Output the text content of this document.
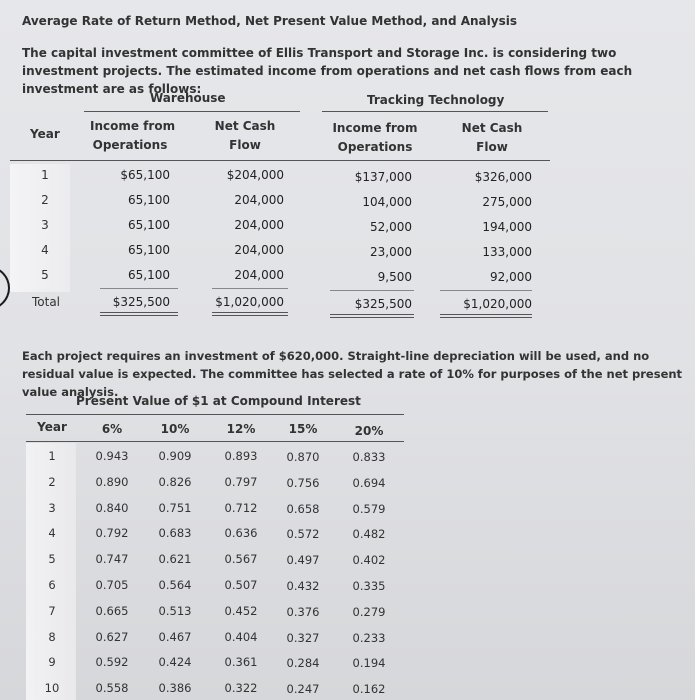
Average Rate of Return Method, Net Present Value Method, and Analysis
The capital investment committee of Ellis Transport and Storage Inc. is considering two investment projects. The estimated income from operations and net cash flows from each investment are as follows:
Warehouse	Tracking Technology
Year
Income from
Operations
Net Cash
Flow
Income from
Operations
Net Cash
Flow
1	$65,100	$204,000	$137,000	$326,000
2	65,100	204,000	104,000	275,000
3	65,100	204,000	52,000	194,000
4	65,100	204,000	23,000	133,000
5	65,100	204,000	9,500	92,000
Total	$325,500	$1,020,000	$325,500	$1,020,000
Each project requires an investment of $620,000. Straight-line depreciation will be used, and no residual value is expected. The committee has selected a rate of 10% for purposes of the net present value analysis.
Present Value of $1 at Compound Interest
Year	6%	10%	12%	15%	20%
1	0.943	0.909	0.893	0.870	0.833
2	0.890	0.826	0.797	0.756	0.694
3	0.840	0.751	0.712	0.658	0.579
4	0.792	0.683	0.636	0.572	0.482
5	0.747	0.621	0.567	0.497	0.402
6	0.705	0.564	0.507	0.432	0.335
7	0.665	0.513	0.452	0.376	0.279
8	0.627	0.467	0.404	0.327	0.233
9	0.592	0.424	0.361	0.284	0.194
10	0.558	0.386	0.322	0.247	0.162
